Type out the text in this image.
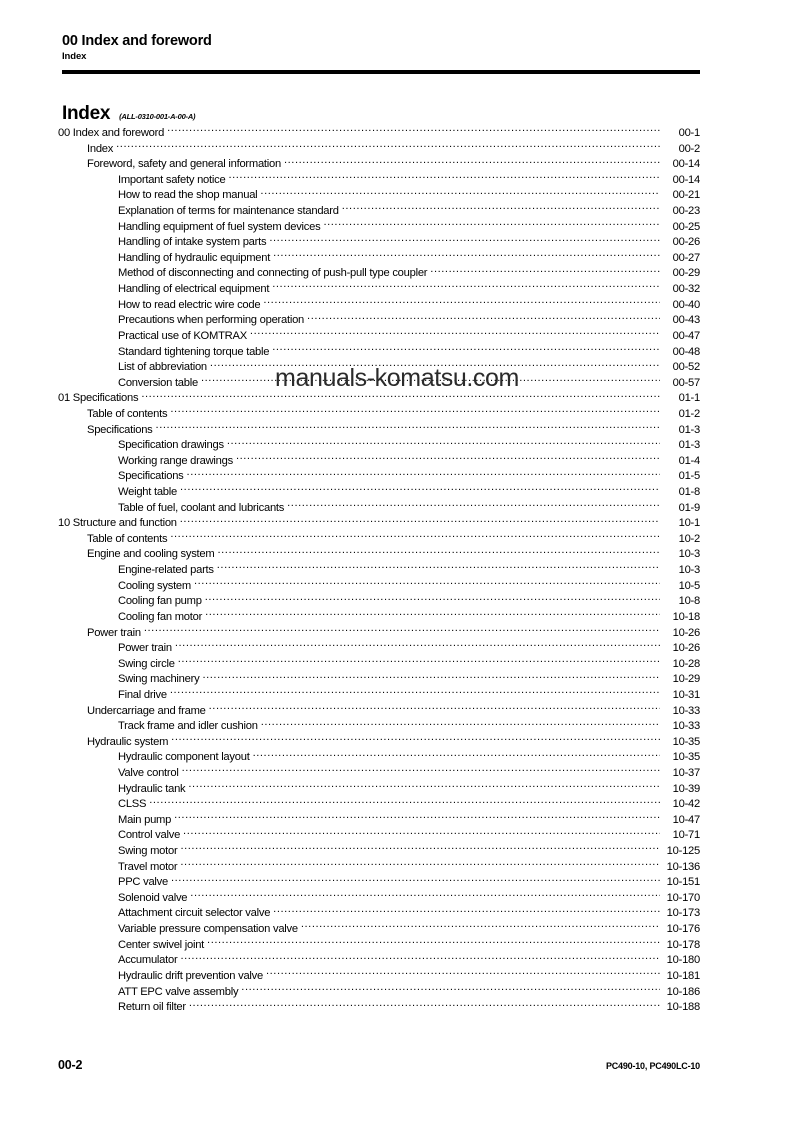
00 Index and foreword
Index
Index (ALL-0310-001-A-00-A)
00 Index and foreword .....	00-1
Index .....	00-2
Foreword, safety and general information .....	00-14
Important safety notice .....	00-14
How to read the shop manual .....	00-21
Explanation of terms for maintenance standard .....	00-23
Handling equipment of fuel system devices .....	00-25
Handling of intake system parts .....	00-26
Handling of hydraulic equipment .....	00-27
Method of disconnecting and connecting of push-pull type coupler .....	00-29
Handling of electrical equipment .....	00-32
How to read electric wire code .....	00-40
Precautions when performing operation .....	00-43
Practical use of KOMTRAX .....	00-47
Standard tightening torque table .....	00-48
List of abbreviation .....	00-52
Conversion table .....	00-57
01 Specifications .....	01-1
Table of contents .....	01-2
Specifications .....	01-3
Specification drawings .....	01-3
Working range drawings .....	01-4
Specifications .....	01-5
Weight table .....	01-8
Table of fuel, coolant and lubricants .....	01-9
10 Structure and function .....	10-1
Table of contents .....	10-2
Engine and cooling system .....	10-3
Engine-related parts .....	10-3
Cooling system .....	10-5
Cooling fan pump .....	10-8
Cooling fan motor .....	10-18
Power train .....	10-26
Power train .....	10-26
Swing circle .....	10-28
Swing machinery .....	10-29
Final drive .....	10-31
Undercarriage and frame .....	10-33
Track frame and idler cushion .....	10-33
Hydraulic system .....	10-35
Hydraulic component layout .....	10-35
Valve control .....	10-37
Hydraulic tank .....	10-39
CLSS .....	10-42
Main pump .....	10-47
Control valve .....	10-71
Swing motor .....	10-125
Travel motor .....	10-136
PPC valve .....	10-151
Solenoid valve .....	10-170
Attachment circuit selector valve .....	10-173
Variable pressure compensation valve .....	10-176
Center swivel joint .....	10-178
Accumulator .....	10-180
Hydraulic drift prevention valve .....	10-181
ATT EPC valve assembly .....	10-186
Return oil filter .....	10-188
manuals-komatsu.com
00-2	PC490-10, PC490LC-10
